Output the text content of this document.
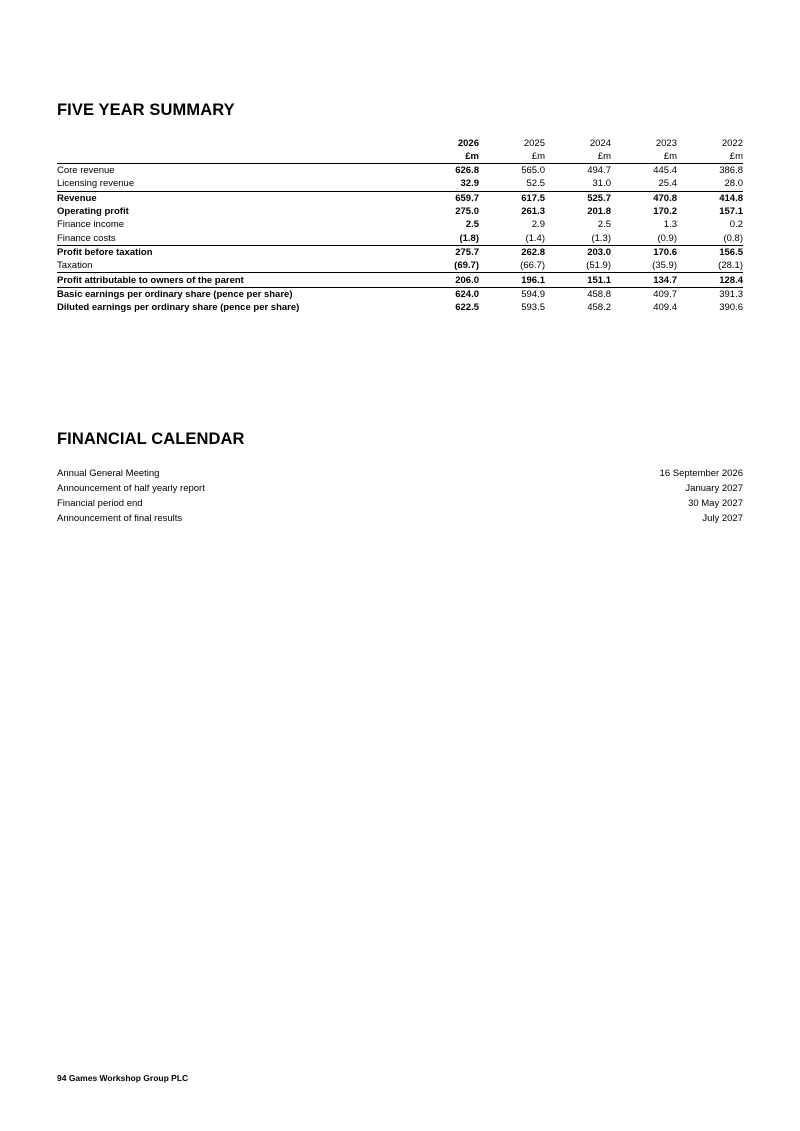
FIVE YEAR SUMMARY
	2026	2025	2024	2023	2022
	£m	£m	£m	£m	£m
Core revenue	626.8	565.0	494.7	445.4	386.8
Licensing revenue	32.9	52.5	31.0	25.4	28.0
Revenue	659.7	617.5	525.7	470.8	414.8
Operating profit	275.0	261.3	201.8	170.2	157.1
Finance income	2.5	2.9	2.5	1.3	0.2
Finance costs	(1.8)	(1.4)	(1.3)	(0.9)	(0.8)
Profit before taxation	275.7	262.8	203.0	170.6	156.5
Taxation	(69.7)	(66.7)	(51.9)	(35.9)	(28.1)
Profit attributable to owners of the parent	206.0	196.1	151.1	134.7	128.4
Basic earnings per ordinary share (pence per share)	624.0	594.9	458.8	409.7	391.3
Diluted earnings per ordinary share (pence per share)	622.5	593.5	458.2	409.4	390.6
FINANCIAL CALENDAR
Annual General Meeting	16 September 2026
Announcement of half yearly report	January 2027
Financial period end	30 May 2027
Announcement of final results	July 2027
94 Games Workshop Group PLC
